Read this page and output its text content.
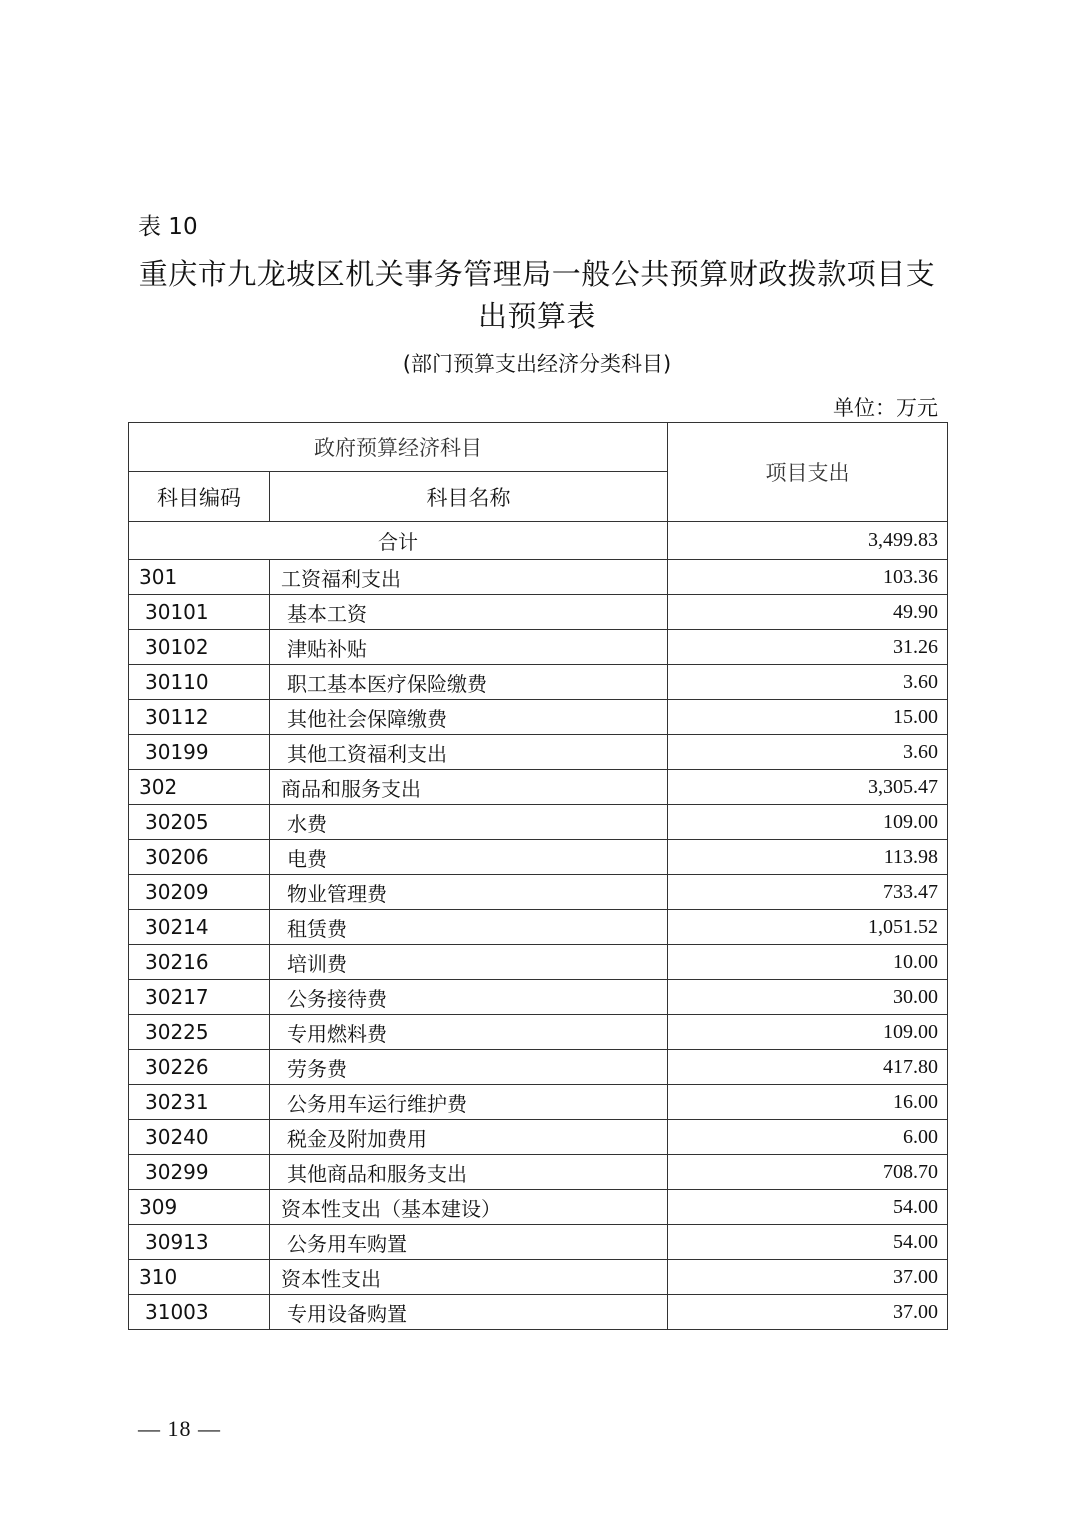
表 10
重庆市九龙坡区机关事务管理局一般公共预算财政拨款项目支
出预算表
(部门预算支出经济分类科目)
单位：万元
政府预算经济科目		项目支出
科目编码	科目名称	
合计		3,499.83
301	工资福利支出	103.36
30101	基本工资	49.90
30102	津贴补贴	31.26
30110	职工基本医疗保险缴费	3.60
30112	其他社会保障缴费	15.00
30199	其他工资福利支出	3.60
302	商品和服务支出	3,305.47
30205	水费	109.00
30206	电费	113.98
30209	物业管理费	733.47
30214	租赁费	1,051.52
30216	培训费	10.00
30217	公务接待费	30.00
30225	专用燃料费	109.00
30226	劳务费	417.80
30231	公务用车运行维护费	16.00
30240	税金及附加费用	6.00
30299	其他商品和服务支出	708.70
309	资本性支出（基本建设）	54.00
30913	公务用车购置	54.00
310	资本性支出	37.00
31003	专用设备购置	37.00
— 18 —
